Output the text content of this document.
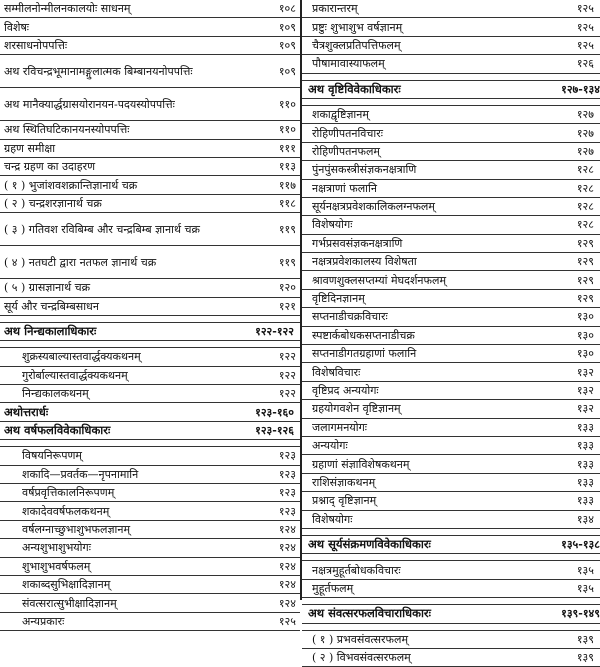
सम्मीलनोन्मीलनकालयोः साधनम्	१०८
विशेषः	१०९
शरसाधनोपपत्तिः	१०९
अथ रविचन्द्रभूमानामङ्गुलात्मक बिम्बानयनोपपत्तिः	१०९
अथ मानैक्यार्द्धग्रासयोरानयन-पदयस्योपपत्तिः	११०
अथ स्थितिघटिकानयनस्योपपत्तिः	११०
ग्रहण समीक्षा	१११
चन्द्र ग्रहण का उदाहरण	११३
( १ ) भुजांशवशक्रान्तिज्ञानार्थ चक्र	११७
( २ ) चन्द्रशरज्ञानार्थ चक्र	११८
( ३ ) गतिवश रविबिम्ब और चन्द्रबिम्ब ज्ञानार्थ चक्र	११९
( ४ ) नतघटी द्वारा नतफल ज्ञानार्थ चक्र	११९
( ५ ) ग्रासज्ञानार्थ चक्र	१२०
सूर्य और चन्द्रबिम्बसाधन	१२१
अथ निन्द्यकालाधिकारः	१२२-१२२
शुक्रस्यबाल्यास्तवार्द्धक्यकथनम्	१२२
गुरोर्बाल्यास्तवार्द्धक्यकथनम्	१२२
निन्द्यकालकथनम्	१२२
अथोत्तरार्धः	१२३-१६०
अथ वर्षफलविवेकाधिकारः	१२३-१२६
विषयनिरूपणम्	१२३
शकादि—प्रवर्तक—नृपनामानि	१२३
वर्षप्रवृत्तिकालनिरूपणम्	१२३
शकादेववर्षफलकथनम्	१२३
वर्षलग्नाच्छुभाशुभफलज्ञानम्	१२४
अन्यशुभाशुभयोगः	१२४
शुभाशुभवर्षफलम्	१२४
शकाब्दसुभिक्षादिज्ञानम्	१२४
संवत्सरात्सुभीक्षादिज्ञानम्	१२४
अन्यप्रकारः	१२५
प्रकारान्तरम्	१२५
प्रष्टुः शुभाशुभ वर्षज्ञानम्	१२५
चैत्रशुक्लप्रतिपत्तिफलम्	१२५
पौषामावास्याफलम्	१२६
अथ वृष्टिविवेकाधिकारः	१२७-१३४
शकाद्वृष्टिज्ञानम्	१२७
रोहिणीपतनविचारः	१२७
रोहिणीपतनफलम्	१२७
पुंनपुंसकस्त्रीसंज्ञकनक्षत्राणि	१२८
नक्षत्राणां फलानि	१२८
सूर्यनक्षत्रप्रवेशकालिकलग्नफलम्	१२८
विशेषयोगः	१२८
गर्भप्रसवसंज्ञकनक्षत्राणि	१२९
नक्षत्रप्रवेशकालस्य विशेषता	१२९
श्रावणशुक्लसप्तम्यां मेघदर्शनफलम्	१२९
वृष्टिदिनज्ञानम्	१२९
सप्तनाडीचक्रविचारः	१३०
स्पष्टार्कबोधकसप्तनाडीचक्र	१३०
सप्तनाडीगतग्रहाणां फलानि	१३०
विशेषविचारः	१३२
वृष्टिप्रद अन्ययोगः	१३२
ग्रहयोगवशेन वृष्टिज्ञानम्	१३२
जलागमनयोगः	१३३
अन्ययोगः	१३३
ग्रहाणां संज्ञाविशेषकथनम्	१३३
राशिसंज्ञाकथनम्	१३३
प्रश्नाद् वृष्टिज्ञानम्	१३३
विशेषयोगः	१३४
अथ सूर्यसंक्रमणविवेकाधिकारः	१३५-१३८
नक्षत्रमुहूर्तबोधकविचारः	१३५
मुहूर्तफलम्	१३५
अथ संवत्सरफलविचाराधिकारः	१३९-१४९
( १ ) प्रभवसंवत्सरफलम्	१३९
( २ ) विभवसंवत्सरफलम्	१३९
